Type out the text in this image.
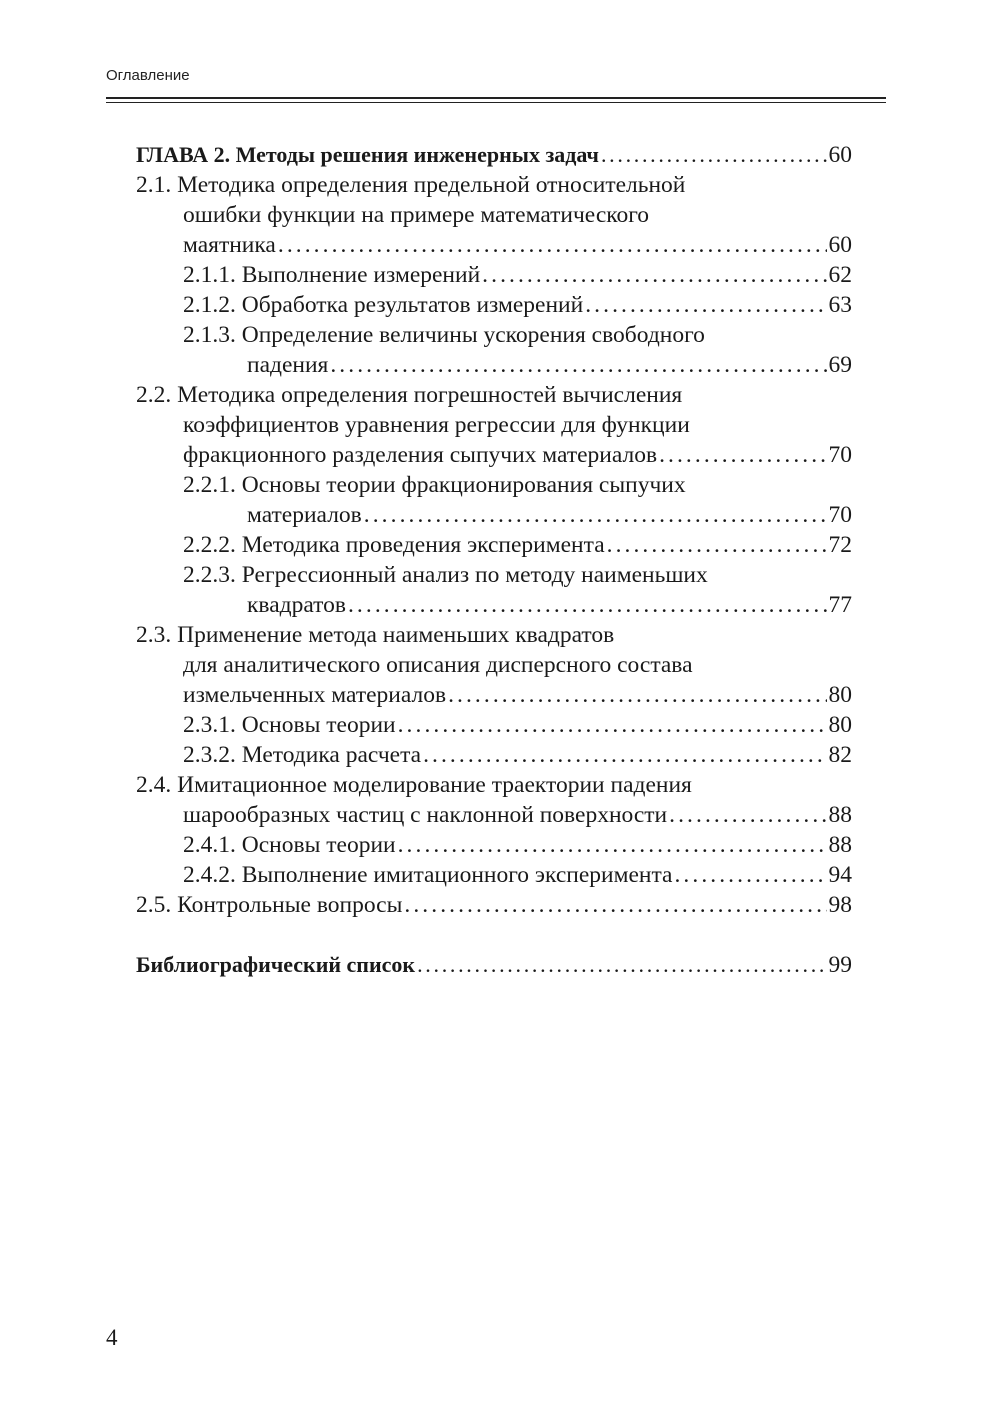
Оглавление
ГЛАВА 2. Методы решения инженерных задач . . .	60
2.1. Методика определения предельной относительной
ошибки функции на примере математического
маятника . . .	60
2.1.1. Выполнение измерений . . .	62
2.1.2. Обработка результатов измерений . . .	63
2.1.3. Определение величины ускорения свободного
падения . . .	69
2.2. Методика определения погрешностей вычисления
коэффициентов уравнения регрессии для функции
фракционного разделения сыпучих материалов . . .	70
2.2.1. Основы теории фракционирования сыпучих
материалов . . .	70
2.2.2. Методика проведения эксперимента . . .	72
2.2.3. Регрессионный анализ по методу наименьших
квадратов . . .	77
2.3. Применение метода наименьших квадратов
для аналитического описания дисперсного состава
измельченных материалов . . .	80
2.3.1. Основы теории . . .	80
2.3.2. Методика расчета . . .	82
2.4. Имитационное моделирование траектории падения
шарообразных частиц с наклонной поверхности . . .	88
2.4.1. Основы теории . . .	88
2.4.2. Выполнение имитационного эксперимента . . .	94
2.5. Контрольные вопросы . . .	98
Библиографический список . . .	99
4
